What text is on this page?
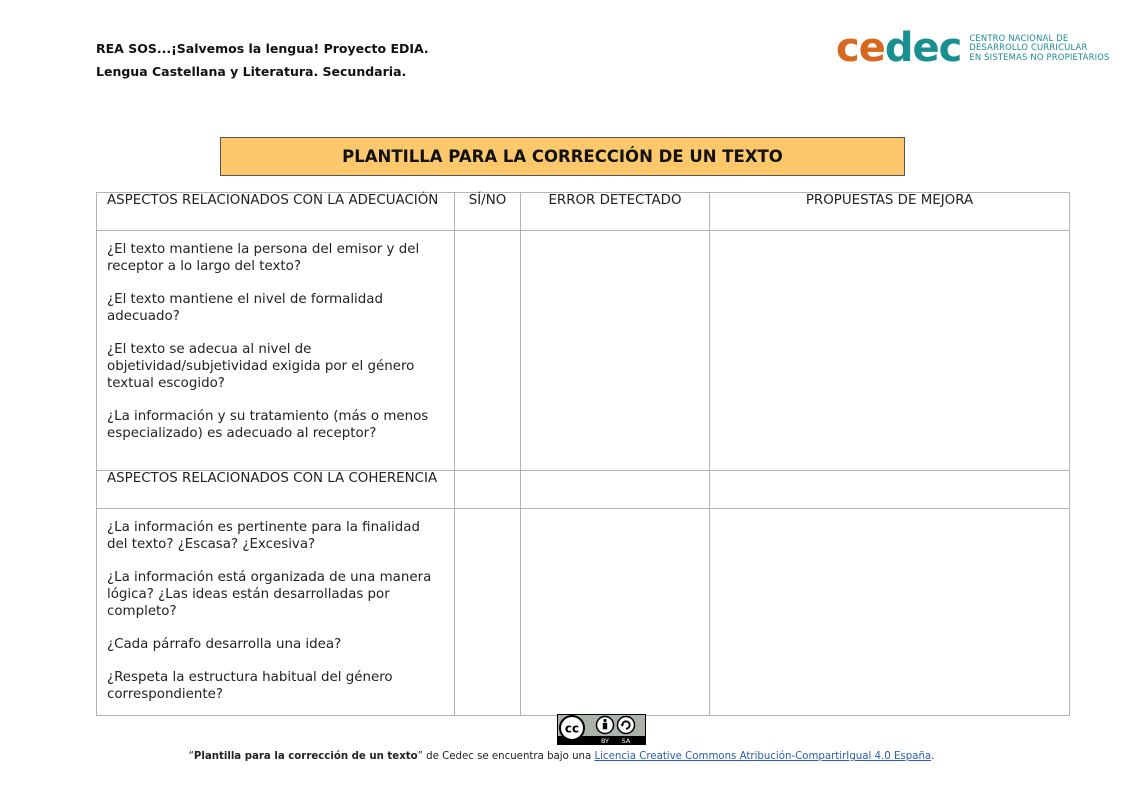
REA SOS...¡Salvemos la lengua! Proyecto EDIA.
Lengua Castellana y Literatura. Secundaria.
cedec CENTRO NACIONAL DE
DESARROLLO CURRICULAR
EN SISTEMAS NO PROPIETARIOS
PLANTILLA PARA LA CORRECCIÓN DE UN TEXTO
ASPECTOS RELACIONADOS CON LA ADECUACIÓN	SÍ/NO	ERROR DETECTADO	PROPUESTAS DE MEJORA

¿El texto mantiene la persona del emisor y del receptor a lo largo del texto?

¿El texto mantiene el nivel de formalidad adecuado?

¿El texto se adecua al nivel de objetividad/subjetividad exigida por el género textual escogido?

¿La información y su tratamiento (más o menos especializado) es adecuado al receptor?			

ASPECTOS RELACIONADOS CON LA COHERENCIA			

¿La información es pertinente para la finalidad del texto? ¿Escasa? ¿Excesiva?

¿La información está organizada de una manera lógica? ¿Las ideas están desarrolladas por completo?

¿Cada párrafo desarrolla una idea?

¿Respeta la estructura habitual del género correspondiente?			

cc
BY SA
“Plantilla para la corrección de un texto” de Cedec se encuentra bajo una Licencia Creative Commons Atribución-CompartirIgual 4.0 España.
